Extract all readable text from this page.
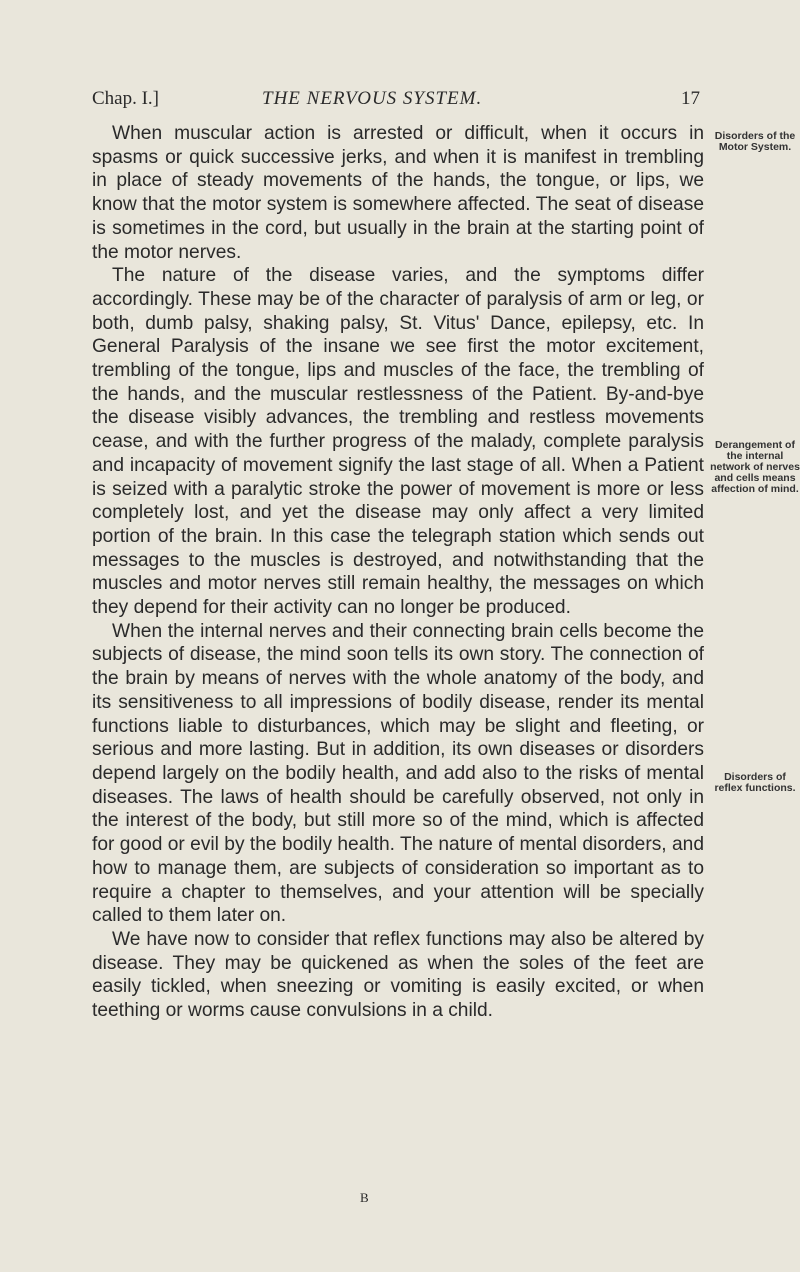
Chap. I.]	THE NERVOUS SYSTEM.	17

When muscular action is arrested or difficult, when it occurs in spasms or quick successive jerks, and when it is manifest in trembling in place of steady movements of the hands, the tongue, or lips, we know that the motor system is somewhere affected. The seat of disease is sometimes in the cord, but usually in the brain at the starting point of the motor nerves.

The nature of the disease varies, and the symptoms differ accordingly. These may be of the character of paralysis of arm or leg, or both, dumb palsy, shaking palsy, St. Vitus' Dance, epilepsy, etc. In General Paralysis of the insane we see first the motor excitement, trembling of the tongue, lips and muscles of the face, the trembling of the hands, and the muscular restlessness of the Patient. By-and-bye the disease visibly advances, the trembling and restless movements cease, and with the further progress of the malady, complete paralysis and incapacity of movement signify the last stage of all. When a Patient is seized with a paralytic stroke the power of movement is more or less completely lost, and yet the disease may only affect a very limited portion of the brain. In this case the telegraph station which sends out messages to the muscles is destroyed, and notwithstanding that the muscles and motor nerves still remain healthy, the messages on which they depend for their activity can no longer be produced.

When the internal nerves and their connecting brain cells become the subjects of disease, the mind soon tells its own story. The connection of the brain by means of nerves with the whole anatomy of the body, and its sensitiveness to all impressions of bodily disease, render its mental functions liable to disturbances, which may be slight and fleeting, or serious and more lasting. But in addition, its own diseases or disorders depend largely on the bodily health, and add also to the risks of mental diseases. The laws of health should be carefully observed, not only in the interest of the body, but still more so of the mind, which is affected for good or evil by the bodily health. The nature of mental disorders, and how to manage them, are subjects of consideration so important as to require a chapter to themselves, and your attention will be specially called to them later on.

We have now to consider that reflex functions may also be altered by disease. They may be quickened as when the soles of the feet are easily tickled, when sneezing or vomiting is easily excited, or when teething or worms cause convulsions in a child.

Disorders of the Motor System.
Derangement of the internal network of nerves and cells means affection of mind.
Disorders of reflex functions.
B
